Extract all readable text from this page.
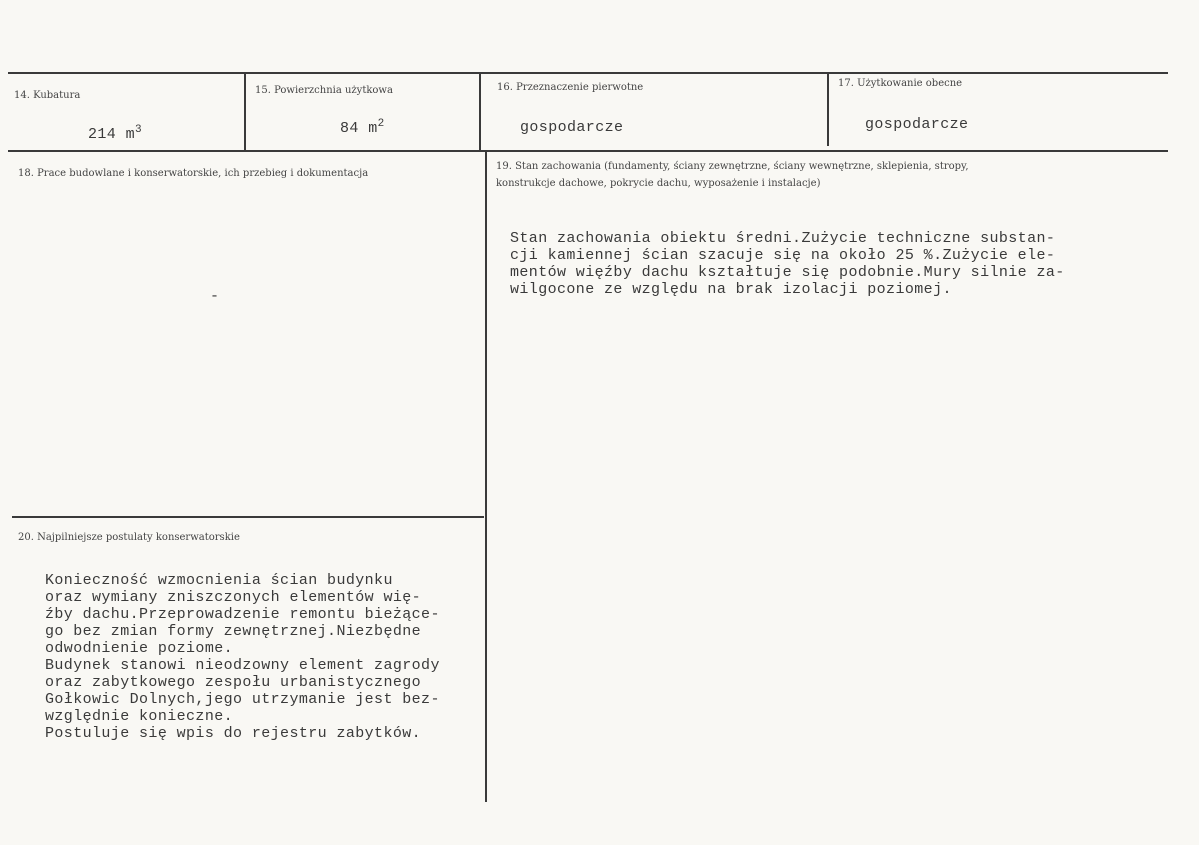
14. Kubatura
214 $m^3$
15. Powierzchnia użytkowa
84 $m^2$
16. Przeznaczenie pierwotne
gospodarcze
17. Użytkowanie obecne
gospodarcze
18. Prace budowlane i konserwatorskie, ich przebieg i dokumentacja
-
19. Stan zachowania (fundamenty, ściany zewnętrzne, ściany wewnętrzne, sklepienia, stropy,
konstrukcje dachowe, pokrycie dachu, wyposażenie i instalacje)
Stan zachowania obiektu średni.Zużycie techniczne substan-
cji kamiennej ścian szacuje się na około 25 %.Zużycie ele-
mentów więźby dachu kształtuje się podobnie.Mury silnie za-
wilgocone ze względu na brak izolacji poziomej.
20. Najpilniejsze postulaty konserwatorskie
Konieczność wzmocnienia ścian budynku
oraz wymiany zniszczonych elementów wię-
źby dachu.Przeprowadzenie remontu bieżące-
go bez zmian formy zewnętrznej.Niezbędne
odwodnienie poziome.
Budynek stanowi nieodzowny element zagrody
oraz zabytkowego zespołu urbanistycznego
Gołkowic Dolnych,jego utrzymanie jest bez-
względnie konieczne.
Postuluje się wpis do rejestru zabytków.
